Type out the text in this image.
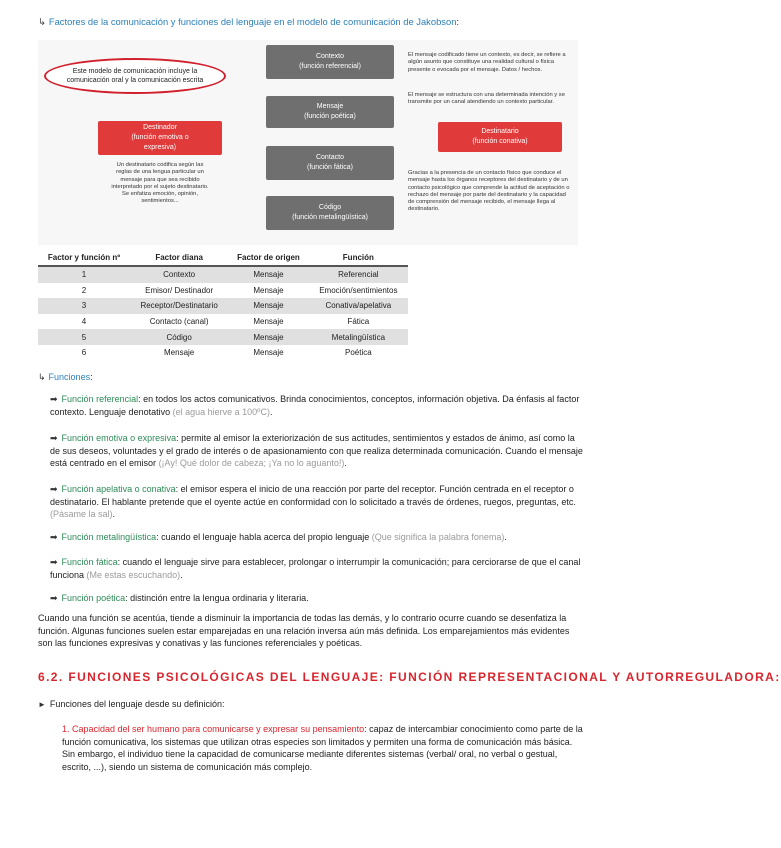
↳ Factores de la comunicación y funciones del lenguaje en el modelo de comunicación de Jakobson:
Este modelo de comunicación incluye la
comunicación oral y la comunicación escrita
Contexto
(función referencial)
Mensaje
(función poética)
Contacto
(función fática)
Código
(función metalingüística)
Destinador
(función emotiva o
expresiva)
Destinatario
(función conativa)
El mensaje codificado tiene un contexto, es decir, se refiere a algún asunto que constituye una realidad cultural o física presente o evocada por el mensaje. Datos / hechos.
El mensaje se estructura con una determinada intención y se transmite por un canal atendiendo un contexto particular.
Un destinatario codifica según las reglas de una lengua particular un mensaje para que sea recibido interpretado por el sujeto destinatario. Se enfatiza emoción, opinión, sentimientos...
Gracias a la presencia de un contacto físico que conduce el mensaje hasta los órganos receptores del destinatario y de un contacto psicológico que comprende la actitud de aceptación o rechazo del mensaje por parte del destinatario y la capacidad de comprensión del mensaje recibido, el mensaje llega al destinatario.
Factor y función nº	Factor diana	Factor de origen	Función
1	Contexto	Mensaje	Referencial
2	Emisor/ Destinador	Mensaje	Emoción/sentimientos
3	Receptor/Destinatario	Mensaje	Conativa/apelativa
4	Contacto (canal)	Mensaje	Fática
5	Código	Mensaje	Metalingüística
6	Mensaje	Mensaje	Poética
↳ Funciones:
➡ Función referencial: en todos los actos comunicativos. Brinda conocimientos, conceptos, información objetiva. Da énfasis al factor contexto. Lenguaje denotativo (el agua hierve a 100ºC).
➡ Función emotiva o expresiva: permite al emisor la exteriorización de sus actitudes, sentimientos y estados de ánimo, así como la de sus deseos, voluntades y el grado de interés o de apasionamiento con que realiza determinada comunicación. Cuando el mensaje está centrado en el emisor (¡Ay! Qué dolor de cabeza; ¡Ya no lo aguanto!).
➡ Función apelativa o conativa: el emisor espera el inicio de una reacción por parte del receptor. Función centrada en el receptor o destinatario. El hablante pretende que el oyente actúe en conformidad con lo solicitado a través de órdenes, ruegos, preguntas, etc. (Pásame la sal).
➡ Función metalingüística: cuando el lenguaje habla acerca del propio lenguaje (Que significa la palabra fonema).
➡ Función fática: cuando el lenguaje sirve para establecer, prolongar o interrumpir la comunicación; para cerciorarse de que el canal funciona (Me estas escuchando).
➡ Función poética: distinción entre la lengua ordinaria y literaria.
Cuando una función se acentúa, tiende a disminuir la importancia de todas las demás, y lo contrario ocurre cuando se desenfatiza la función. Algunas funciones suelen estar emparejadas en una relación inversa aún más definida. Los emparejamientos más evidentes son las funciones expresivas y conativas y las funciones referenciales y poéticas.
6.2. FUNCIONES PSICOLÓGICAS DEL LENGUAJE: FUNCIÓN REPRESENTACIONAL Y AUTORREGULADORA:
► Funciones del lenguaje desde su definición:
1. Capacidad del ser humano para comunicarse y expresar su pensamiento: capaz de intercambiar conocimiento como parte de la función comunicativa, los sistemas que utilizan otras especies son limitados y permiten una forma de comunicación más básica. Sin embargo, el individuo tiene la capacidad de comunicarse mediante diferentes sistemas (verbal/ oral, no verbal o gestual, escrito, ...), siendo un sistema de comunicación más complejo.
